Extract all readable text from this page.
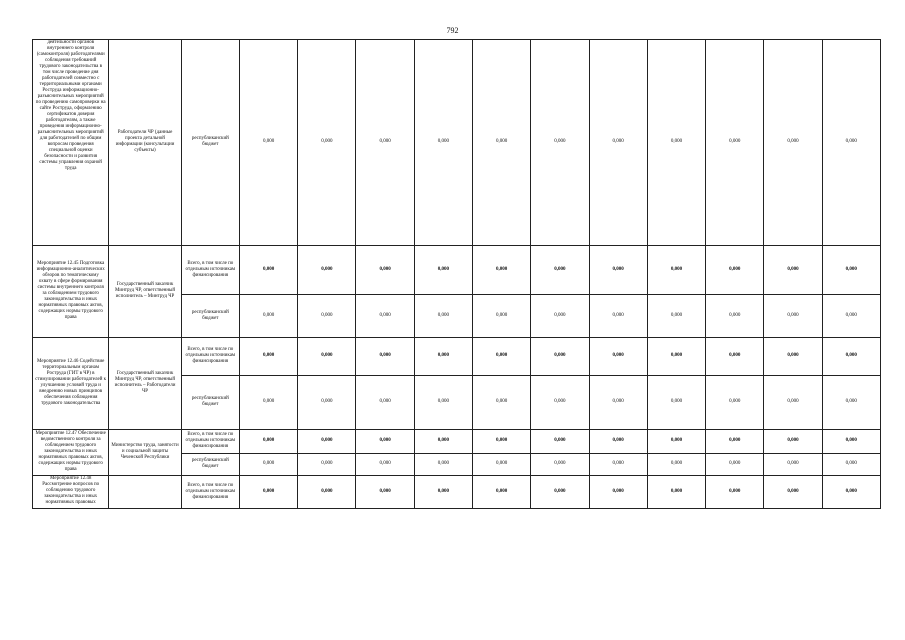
792
деятельности органов внутреннего контроля (самоконтроля) работодателями соблюдения требований трудового законодательства в том числе проведение дня работодателей совместно с территориальными органами Роструда информационно-разъяснительных мероприятий по проведению самопроверки на сайте Роструда, оформлению сертификатов доверия работодателям, а также проведения информационно-разъяснительных мероприятий для работодателей по общим вопросам проведения специальной оценки безопасности и развития системы управления охраной труда	Работодатели ЧР (данные проекта детальной информации (консультации субъекты)	республиканский бюджет	0,000	0,000	0,000	0,000	0,000	0,000	0,000	0,000	0,000	0,000	0,000
Мероприятие 12.45 Подготовка информационно-аналитических обзоров по тематическому охвату в сфере формирования системы внутреннего контроля за соблюдением трудового законодательства и иных нормативных правовых актов, содержащих нормы трудового права	Государственный заказчик Минтруд ЧР, ответственный исполнитель – Минтруд ЧР	Всего, в том числе по отдельным источникам финансирования	0,000	0,000	0,000	0,000	0,000	0,000	0,000	0,000	0,000	0,000	0,000
		республиканский бюджет	0,000	0,000	0,000	0,000	0,000	0,000	0,000	0,000	0,000	0,000	0,000
Мероприятие 12.46 Содействие территориальным органам Роструда (ГИТ в ЧР) в стимулировании работодателей к улучшению условий труда и внедрению новых принципов обеспечения соблюдения трудового законодательства	Государственный заказчик Минтруд ЧР, ответственный исполнитель – Работодатели ЧР	Всего, в том числе по отдельным источникам финансирования	0,000	0,000	0,000	0,000	0,000	0,000	0,000	0,000	0,000	0,000	0,000
		республиканский бюджет	0,000	0,000	0,000	0,000	0,000	0,000	0,000	0,000	0,000	0,000	0,000
Мероприятие 12.47 Обеспечение ведомственного контроля за соблюдением трудового законодательства и иных нормативных правовых актов, содержащих нормы трудового права	Министерство труда, занятости и социальной защиты Чеченской Республики	Всего, в том числе по отдельным источникам финансирования	0,000	0,000	0,000	0,000	0,000	0,000	0,000	0,000	0,000	0,000	0,000
		республиканский бюджет	0,000	0,000	0,000	0,000	0,000	0,000	0,000	0,000	0,000	0,000	0,000
Мероприятие 12.48 Рассмотрение вопросов по соблюдению трудового законодательства и иных нормативных правовых		Всего, в том числе по отдельным источникам финансирования	0,000	0,000	0,000	0,000	0,000	0,000	0,000	0,000	0,000	0,000	0,000
